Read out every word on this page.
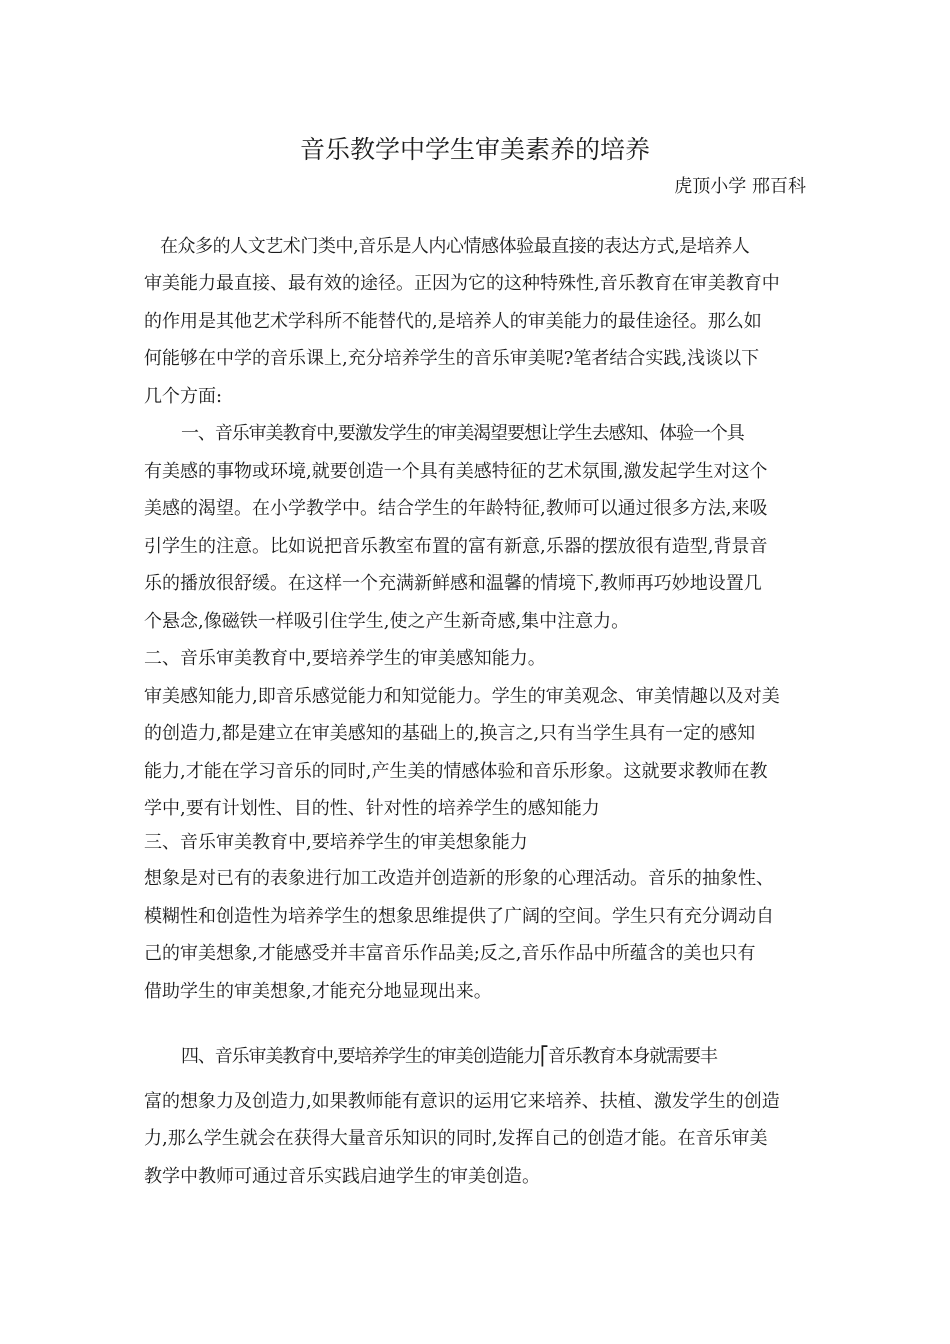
音乐教学中学生审美素养的培养
虎顶小学 邢百科
在众多的人文艺术门类中,音乐是人内心情感体验最直接的表达方式,是培养人
审美能力最直接、最有效的途径。正因为它的这种特殊性,音乐教育在审美教育中
的作用是其他艺术学科所不能替代的,是培养人的审美能力的最佳途径。那么如
何能够在中学的音乐课上,充分培养学生的音乐审美呢?笔者结合实践,浅谈以下
几个方面:
一、音乐审美教育中,要激发学生的审美渴望要想让学生去感知、体验一个具
有美感的事物或环境,就要创造一个具有美感特征的艺术氛围,激发起学生对这个
美感的渴望。在小学教学中。结合学生的年龄特征,教师可以通过很多方法,来吸
引学生的注意。比如说把音乐教室布置的富有新意,乐器的摆放很有造型,背景音
乐的播放很舒缓。在这样一个充满新鲜感和温馨的情境下,教师再巧妙地设置几
个悬念,像磁铁一样吸引住学生,使之产生新奇感,集中注意力。
二、音乐审美教育中,要培养学生的审美感知能力。
审美感知能力,即音乐感觉能力和知觉能力。学生的审美观念、审美情趣以及对美
的创造力,都是建立在审美感知的基础上的,换言之,只有当学生具有一定的感知
能力,才能在学习音乐的同时,产生美的情感体验和音乐形象。这就要求教师在教
学中,要有计划性、目的性、针对性的培养学生的感知能力
三、音乐审美教育中,要培养学生的审美想象能力
想象是对已有的表象进行加工改造并创造新的形象的心理活动。音乐的抽象性、
模糊性和创造性为培养学生的想象思维提供了广阔的空间。学生只有充分调动自
己的审美想象,才能感受并丰富音乐作品美;反之,音乐作品中所蕴含的美也只有
借助学生的审美想象,才能充分地显现出来。
四、音乐审美教育中,要培养学生的审美创造能力⎡音乐教育本身就需要丰
富的想象力及创造力,如果教师能有意识的运用它来培养、扶植、激发学生的创造
力,那么学生就会在获得大量音乐知识的同时,发挥自己的创造才能。在音乐审美
教学中教师可通过音乐实践启迪学生的审美创造。
